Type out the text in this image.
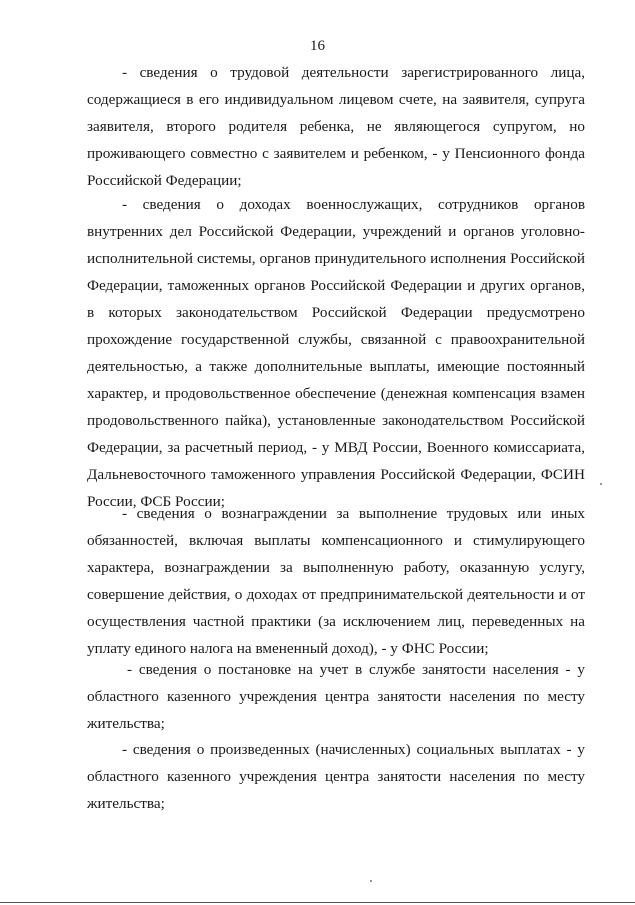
16

- сведения о трудовой деятельности зарегистрированного лица, содержащиеся в его индивидуальном лицевом счете, на заявителя, супруга заявителя, второго родителя ребенка, не являющегося супругом, но проживающего совместно с заявителем и ребенком, - у Пенсионного фонда Российской Федерации;

- сведения о доходах военнослужащих, сотрудников органов внутренних дел Российской Федерации, учреждений и органов уголовно-исполнительной системы, органов принудительного исполнения Российской Федерации, таможенных органов Российской Федерации и других органов, в которых законодательством Российской Федерации предусмотрено прохождение государственной службы, связанной с правоохранительной деятельностью, а также дополнительные выплаты, имеющие постоянный характер, и продовольственное обеспечение (денежная компенсация взамен продовольственного пайка), установленные законодательством Российской Федерации, за расчетный период, - у МВД России, Военного комиссариата, Дальневосточного таможенного управления Российской Федерации, ФСИН России, ФСБ России;

- сведения о вознаграждении за выполнение трудовых или иных обязанностей, включая выплаты компенсационного и стимулирующего характера, вознаграждении за выполненную работу, оказанную услугу, совершение действия, о доходах от предпринимательской деятельности и от осуществления частной практики (за исключением лиц, переведенных на уплату единого налога на вмененный доход), - у ФНС России;

- сведения о постановке на учет в службе занятости населения - у областного казенного учреждения центра занятости населения по месту жительства;

- сведения о произведенных (начисленных) социальных выплатах - у областного казенного учреждения центра занятости населения по месту жительства;
